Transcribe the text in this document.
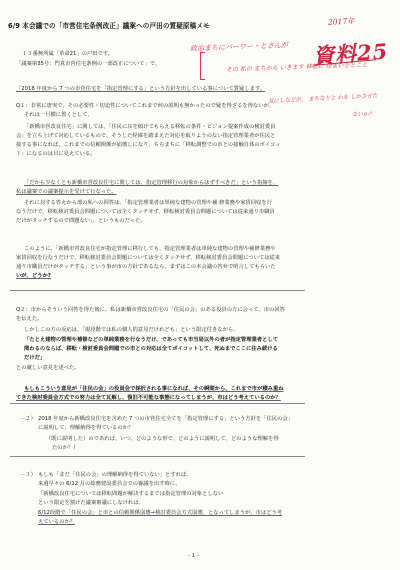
6/9 本会議での「市営住宅条例改正」議案への戸田の質疑原稿メモ	2017年
資料25
政治まちにパーワー・とさんが
その 私の まちから いきます 移転に 住まいをとこと
気にしなどが。 まちなりと わを しかさせた
ないか？
１３番無所属「革命21」の戸田です。
「議案第35号：門真市営住宅条例の一部改正について」で、
「2018 年度から 7 つの市営住宅を「指定管理にする」という方針を出している事について質疑します。
Q１：非常に唐突で、その必要性・切迫性についてこれまで何の説明も無かったので疑を得ざるを得ないが、
それは一旦横に置くとして、
「新橋市営改良住宅」に関しては、「住民に耳を傾けてもらえる移転の条件・ビジョン提案作成の検討委員
会」を立ち上げて対応しているもので、そうした経緯を踏まえた対応を取りようのない指定管理業者が住民と
接する事になれば、これまでの信頼関係が崩壊しになり、ちらまちに「移転調整での市との接触自体のボイコッ
ト」になるのは目に見えている。
「だから少なくとも新橋市営改良住宅に関しては、指定管理移行の対象からはずすべきだ」という指摘を、
私は議案での議案提示を受けて行なった。
それに対する答えから部の私への回答は、「指定管理業者は単純な建物の管理や補 修業務や家賃回収を行
なうだけで、移転検討委員会問題については全くタッチせず、移転検討委員会問題については従来通り市職員
だけがタッチするので問題ない」、というものだった。
このように、「新橋市営改良住宅が指定管理に移行しても、指定管理業者は単純な建物の管理や補修業務や
家賃回収を行なうだけで、移転検討委員会問題については全くタッチせず、移転検討委員会問題については従来
通り市職員だけがタッチする」という事が市の方針であるなら、まずはこの本会議の答弁で明言してもらいた
いが、どうか?
Q２：市からそういう回答を得た後に、私は新橋市営改良住宅の「住民の会」のある役員の方に会って、市の回答
を伝えた。
しかしこの方の反応は、「現段階では私の個人的意見だけれども」という限定付きながら、
「たとえ建物の管理や補修などの単純業務を行なうだけ、であっても市当局以外の者が指定管理業者として
関わるのならば、移転・検討委員会問題での市との対応は全てボイコットして、死ぬまでここに住み続ける
だけだ」
との厳しい意見を述べた。
もしもこういう意見が「住民の会」の役員会で採択される事になれば、その瞬間から、これまで市が積み重ね
てきた検討委員会方式での努力は全て瓦解し、復旧不可能な事態になってしまうが、市はどう考えているのか？
－２） 2018 年度から新橋改良住宅を含めた 7 つの市営住宅全てを「指定管理にする」という方針を「住民の会」
に説明して、理解納得を得ているのか？
（既に説明した）のであれば、いつ、どのような形で、どのように説明して、どのような理解を得
たのか？）
－３） もしも「まだ「住民の会」の理解納得を得ていない」とすれば、
来週早々の 6/12 月の総務建設委員会での審議を出す時に、
「新橋改良住宅については移転問題が解決するまでは指定管理の対象としない
という限定を割けた議案審議にしなければ、
6/12段階で「住民の会」と市との信頼関係崩壊→検討委員会方式崩壊、となってしまうが、市はどう考
えているのか？
- 1 -
